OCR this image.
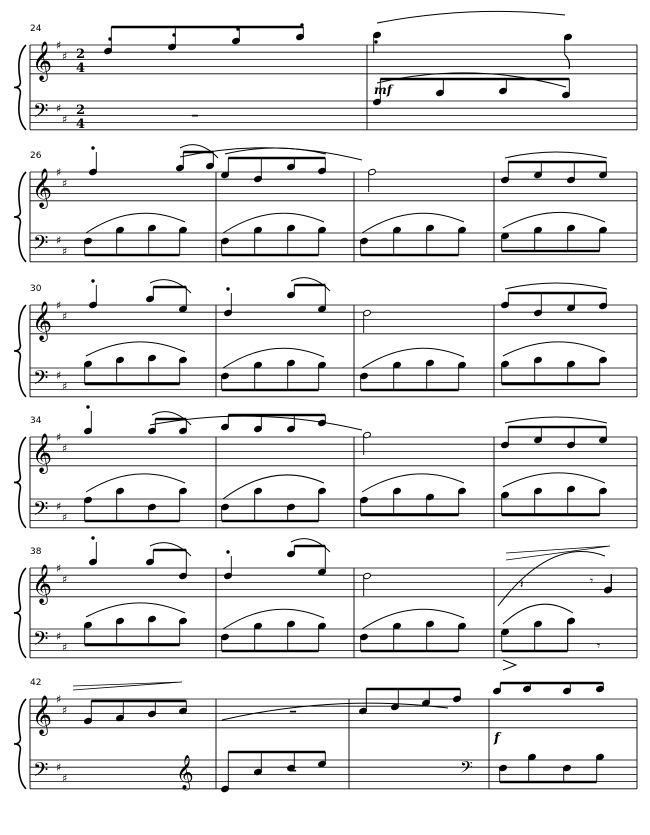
𝄞
𝄢
♯
♯
♯
♯
2
4
2
4
24
𝄞
𝄢
♯
♯
♯
♯
26
𝄞
𝄢
♯
♯
♯
♯
30
𝄞
𝄢
♯
♯
♯
♯
34
𝄞
𝄢
♯
♯
♯
♯
38
𝄞
𝄢
♯
♯
♯
♯
42
━
mf
𝄽	𝄾
𝄾
━
f
𝄞	━	𝄢
